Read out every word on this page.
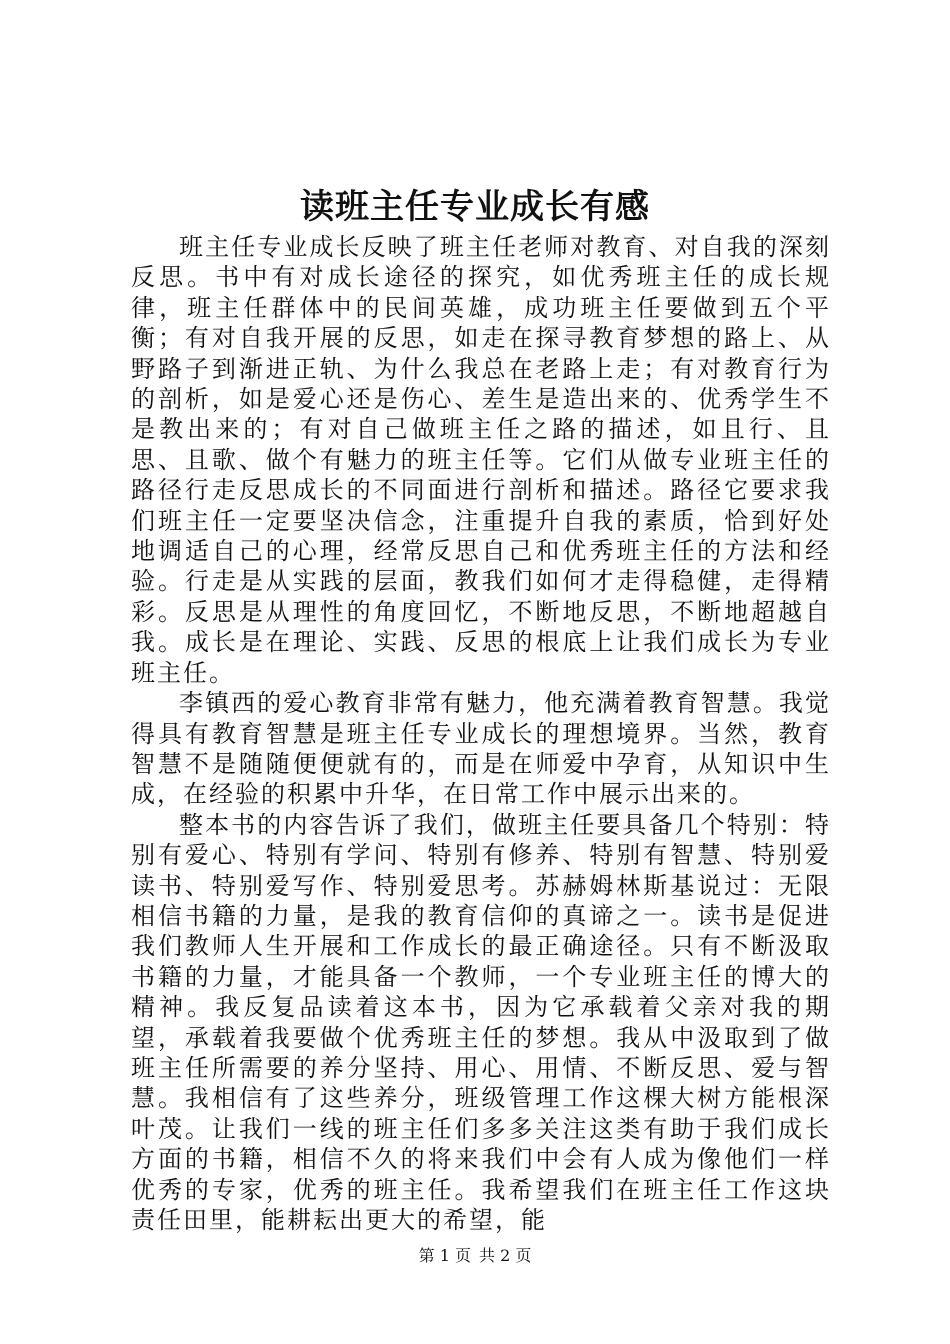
读班主任专业成长有感

班主任专业成长反映了班主任老师对教育、对自我的深刻反思。书中有对成长途径的探究，如优秀班主任的成长规律，班主任群体中的民间英雄，成功班主任要做到五个平衡；有对自我开展的反思，如走在探寻教育梦想的路上、从野路子到渐进正轨、为什么我总在老路上走；有对教育行为的剖析，如是爱心还是伤心、差生是造出来的、优秀学生不是教出来的；有对自己做班主任之路的描述，如且行、且思、且歌、做个有魅力的班主任等。它们从做专业班主任的路径行走反思成长的不同面进行剖析和描述。路径它要求我们班主任一定要坚决信念，注重提升自我的素质，恰到好处地调适自己的心理，经常反思自己和优秀班主任的方法和经验。行走是从实践的层面，教我们如何才走得稳健，走得精彩。反思是从理性的角度回忆，不断地反思，不断地超越自我。成长是在理论、实践、反思的根底上让我们成长为专业班主任。

李镇西的爱心教育非常有魅力，他充满着教育智慧。我觉得具有教育智慧是班主任专业成长的理想境界。当然，教育智慧不是随随便便就有的，而是在师爱中孕育，从知识中生成，在经验的积累中升华，在日常工作中展示出来的。

整本书的内容告诉了我们，做班主任要具备几个特别：特别有爱心、特别有学问、特别有修养、特别有智慧、特别爱读书、特别爱写作、特别爱思考。苏赫姆林斯基说过：无限相信书籍的力量，是我的教育信仰的真谛之一。读书是促进我们教师人生开展和工作成长的最正确途径。只有不断汲取书籍的力量，才能具备一个教师，一个专业班主任的博大的精神。我反复品读着这本书，因为它承载着父亲对我的期望，承载着我要做个优秀班主任的梦想。我从中汲取到了做班主任所需要的养分坚持、用心、用情、不断反思、爱与智慧。我相信有了这些养分，班级管理工作这棵大树方能根深叶茂。让我们一线的班主任们多多关注这类有助于我们成长方面的书籍，相信不久的将来我们中会有人成为像他们一样优秀的专家，优秀的班主任。我希望我们在班主任工作这块责任田里，能耕耘出更大的希望，能

第 1 页 共 2 页
